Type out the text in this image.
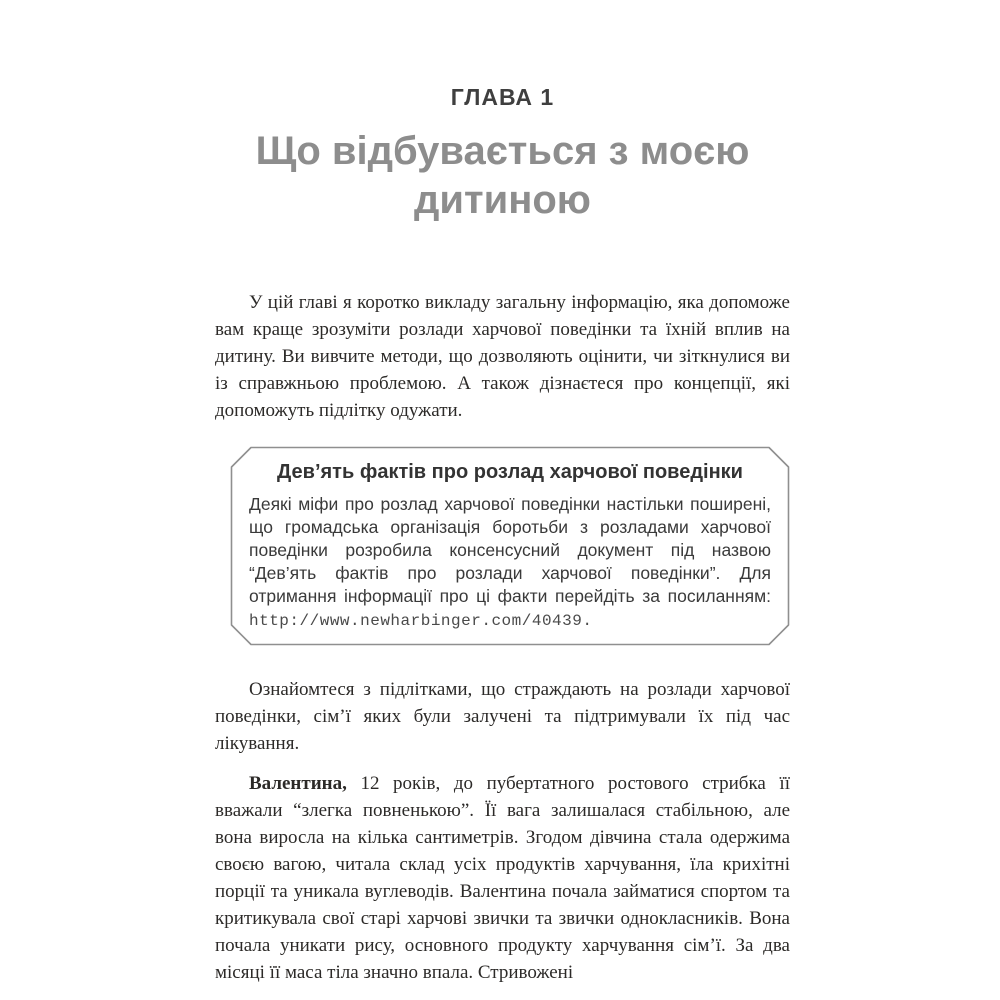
ГЛАВА 1
Що відбувається з моєю дитиною

У цій главі я коротко викладу загальну інформацію, яка допоможе вам краще зрозуміти розлади харчової поведінки та їхній вплив на дитину. Ви вивчите методи, що дозволяють оцінити, чи зіткнулися ви із справжньою проблемою. А також дізнаєтеся про концепції, які допоможуть підлітку одужати.

Дев’ять фактів про розлад харчової поведінки

Деякі міфи про розлад харчової поведінки настільки поширені, що громадська організація боротьби з розладами харчової поведінки розробила консенсусний документ під назвою “Дев’ять фактів про розлади харчової поведінки”. Для отримання інформації про ці факти перейдіть за посиланням: http://www.newharbinger.com/40439.

Ознайомтеся з підлітками, що страждають на розлади харчової поведінки, сім’ї яких були залучені та підтримували їх під час лікування.

Валентина, 12 років, до пубертатного ростового стрибка її вважали “злегка повненькою”. Її вага залишалася стабільною, але вона виросла на кілька сантиметрів. Згодом дівчина стала одержима своєю вагою, читала склад усіх продуктів харчування, їла крихітні порції та уникала вуглеводів. Валентина почала займатися спортом та критикувала свої старі харчові звички та звички однокласників. Вона почала уникати рису, основного продукту харчування сім’ї. За два місяці її маса тіла значно впала. Стривожені
